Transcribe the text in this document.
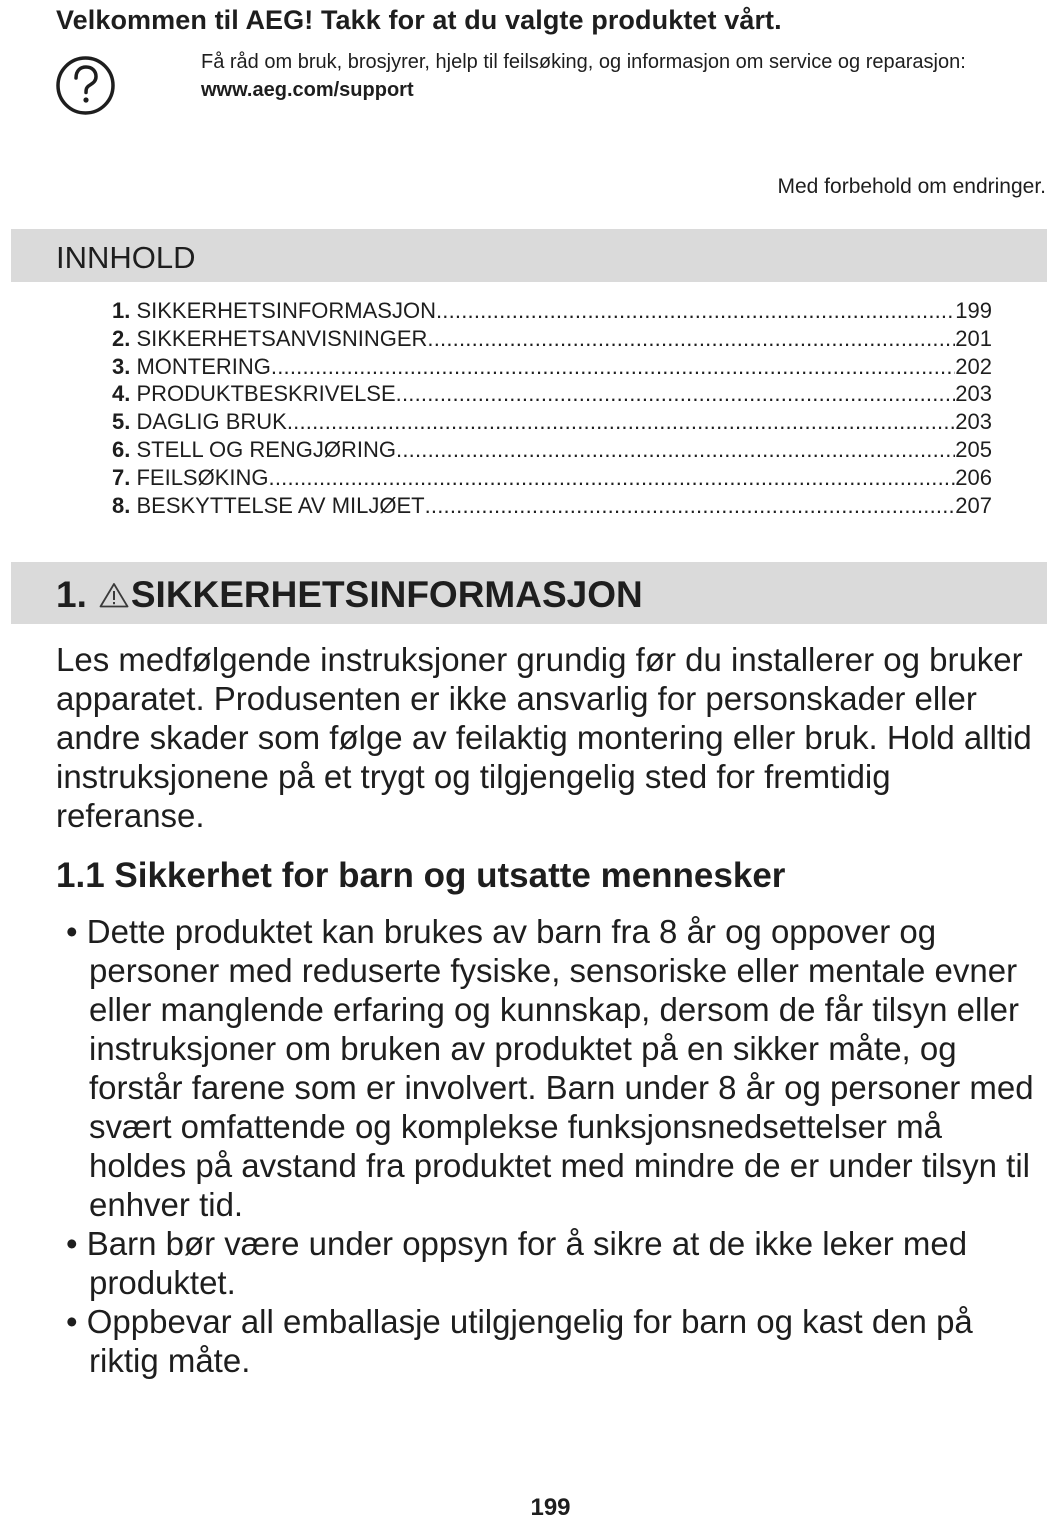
Velkommen til AEG! Takk for at du valgte produktet vårt.
Få råd om bruk, brosjyrer, hjelp til feilsøking, og informasjon om service og reparasjon:
www.aeg.com/support
Med forbehold om endringer.
INNHOLD
1. SIKKERHETSINFORMASJON .....	199
2. SIKKERHETSANVISNINGER .....	201
3. MONTERING .....	202
4. PRODUKTBESKRIVELSE .....	203
5. DAGLIG BRUK .....	203
6. STELL OG RENGJØRING .....	205
7. FEILSØKING .....	206
8. BESKYTTELSE AV MILJØET .....	207
1. SIKKERHETSINFORMASJON

Les medfølgende instruksjoner grundig før du installerer og bruker apparatet. Produsenten er ikke ansvarlig for personskader eller andre skader som følge av feilaktig montering eller bruk. Hold alltid instruksjonene på et trygt og tilgjengelig sted for fremtidig referanse.

1.1 Sikkerhet for barn og utsatte mennesker
• Dette produktet kan brukes av barn fra 8 år og oppover og personer med reduserte fysiske, sensoriske eller mentale evner eller manglende erfaring og kunnskap, dersom de får tilsyn eller instruksjoner om bruken av produktet på en sikker måte, og forstår farene som er involvert. Barn under 8 år og personer med svært omfattende og komplekse funksjonsnedsettelser må holdes på avstand fra produktet med mindre de er under tilsyn til enhver tid.
• Barn bør være under oppsyn for å sikre at de ikke leker med produktet.
• Oppbevar all emballasje utilgjengelig for barn og kast den på riktig måte.
199
